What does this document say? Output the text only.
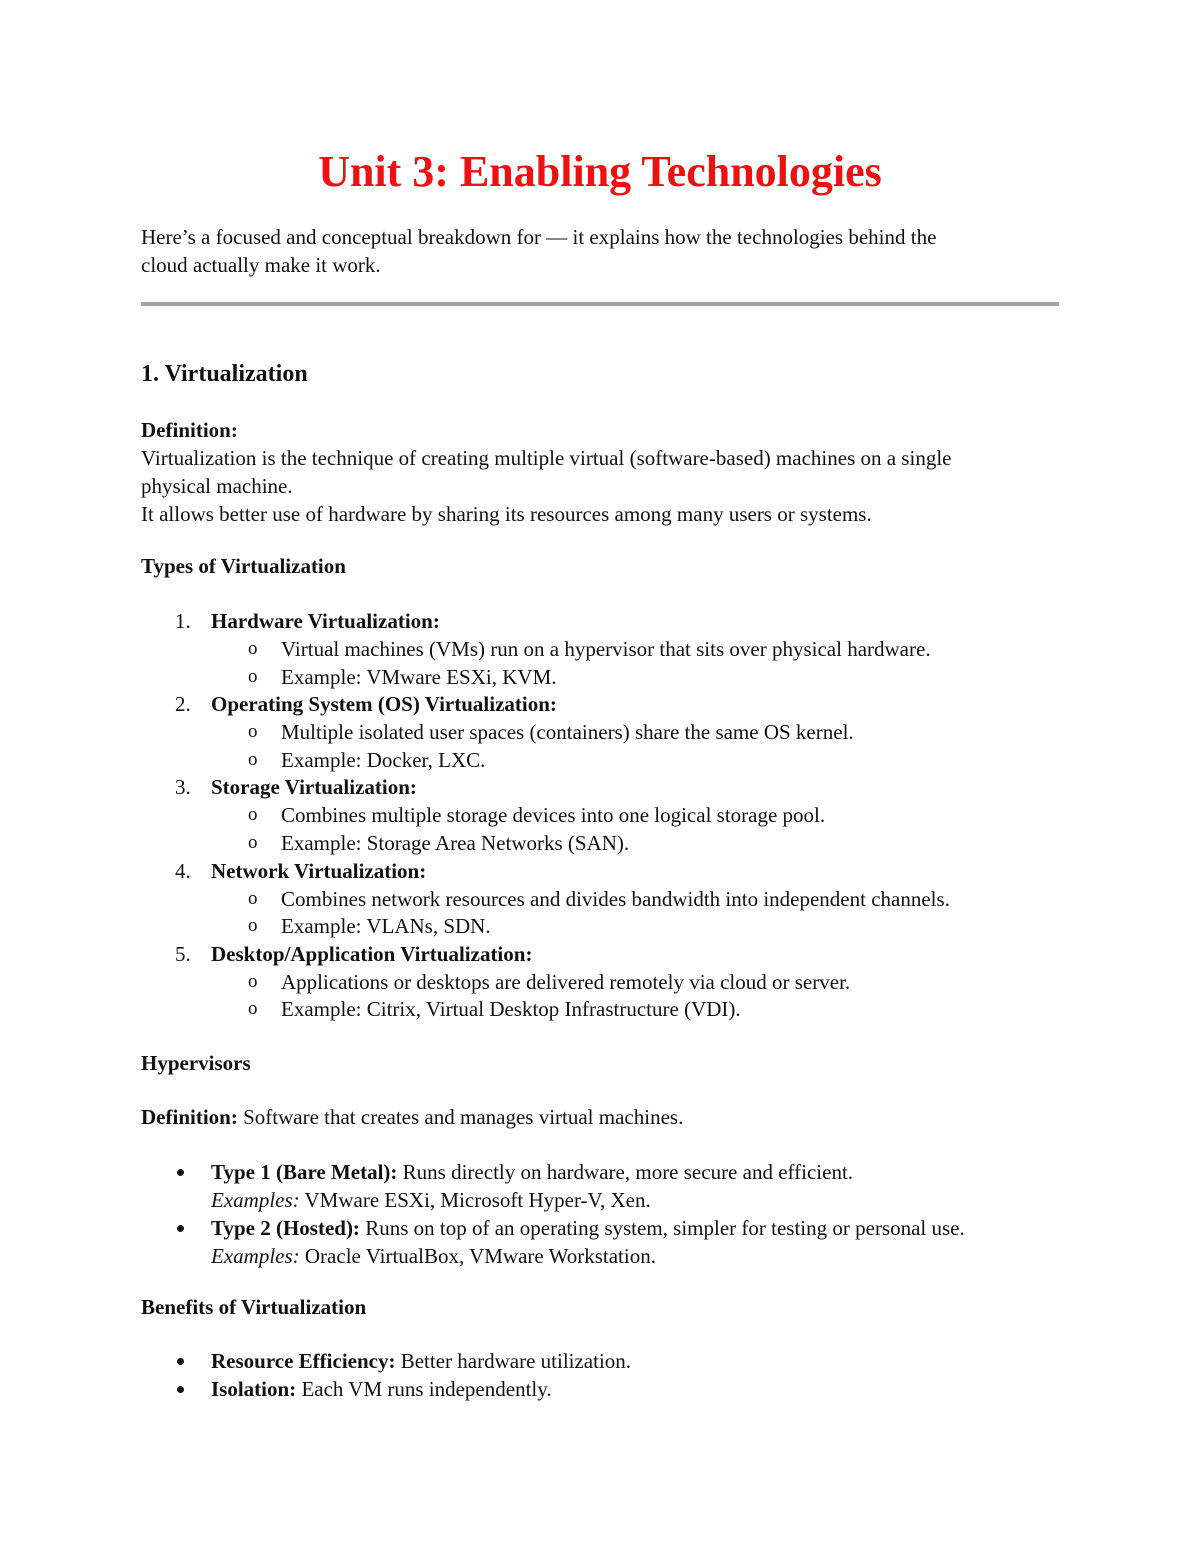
Unit 3: Enabling Technologies
Here’s a focused and conceptual breakdown for — it explains how the technologies behind the
cloud actually make it work.
1. Virtualization
Definition:
Virtualization is the technique of creating multiple virtual (software-based) machines on a single
physical machine.
It allows better use of hardware by sharing its resources among many users or systems.
Types of Virtualization
1. Hardware Virtualization:
o Virtual machines (VMs) run on a hypervisor that sits over physical hardware.
o Example: VMware ESXi, KVM.
2. Operating System (OS) Virtualization:
o Multiple isolated user spaces (containers) share the same OS kernel.
o Example: Docker, LXC.
3. Storage Virtualization:
o Combines multiple storage devices into one logical storage pool.
o Example: Storage Area Networks (SAN).
4. Network Virtualization:
o Combines network resources and divides bandwidth into independent channels.
o Example: VLANs, SDN.
5. Desktop/Application Virtualization:
o Applications or desktops are delivered remotely via cloud or server.
o Example: Citrix, Virtual Desktop Infrastructure (VDI).
Hypervisors
Definition: Software that creates and manages virtual machines.
Type 1 (Bare Metal): Runs directly on hardware, more secure and efficient.
Examples: VMware ESXi, Microsoft Hyper-V, Xen.
Type 2 (Hosted): Runs on top of an operating system, simpler for testing or personal use.
Examples: Oracle VirtualBox, VMware Workstation.
Benefits of Virtualization
Resource Efficiency: Better hardware utilization.
Isolation: Each VM runs independently.
